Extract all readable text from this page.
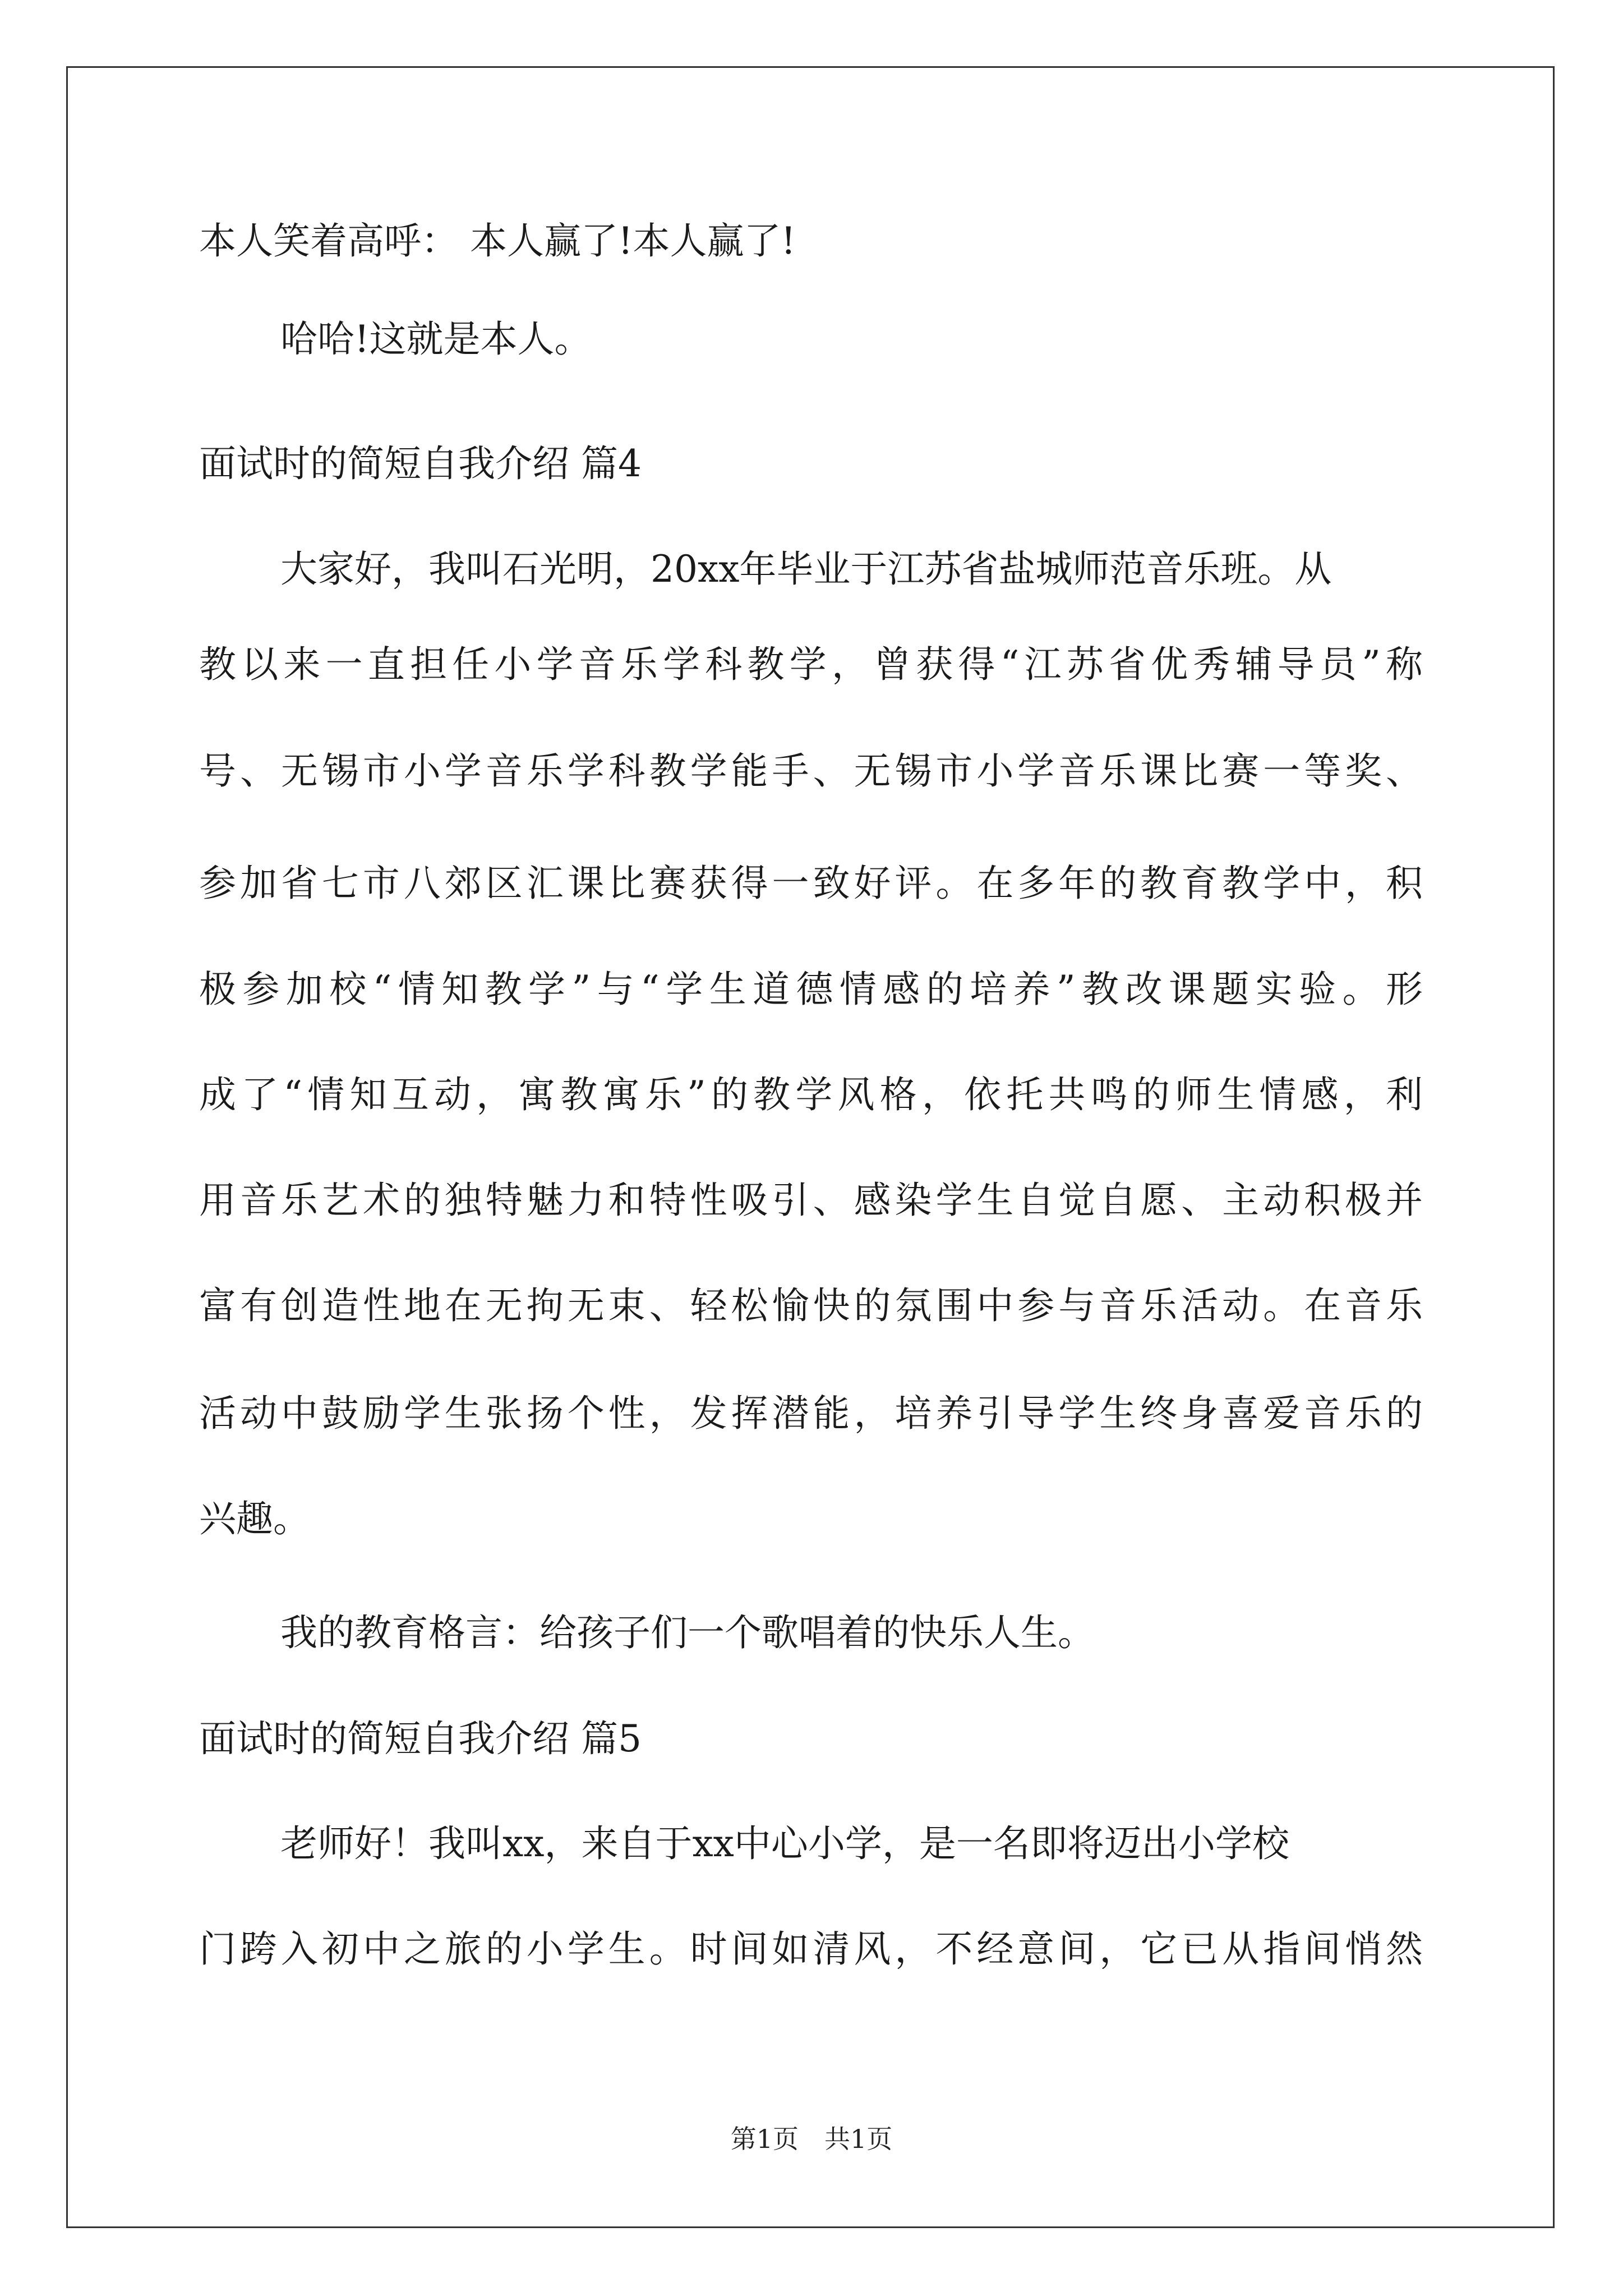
本人笑着高呼： 本人赢了!本人赢了!
哈哈!这就是本人。
面试时的简短自我介绍 篇4
大家好，我叫石光明，20xx年毕业于江苏省盐城师范音乐班。从
教以来一直担任小学音乐学科教学，曾获得“江苏省优秀辅导员”称
号、无锡市小学音乐学科教学能手、无锡市小学音乐课比赛一等奖、
参加省七市八郊区汇课比赛获得一致好评。在多年的教育教学中，积
极参加校“情知教学”与“学生道德情感的培养”教改课题实验。形
成了“情知互动，寓教寓乐”的教学风格，依托共鸣的师生情感，利
用音乐艺术的独特魅力和特性吸引、感染学生自觉自愿、主动积极并
富有创造性地在无拘无束、轻松愉快的氛围中参与音乐活动。在音乐
活动中鼓励学生张扬个性，发挥潜能，培养引导学生终身喜爱音乐的
兴趣。
我的教育格言：给孩子们一个歌唱着的快乐人生。
面试时的简短自我介绍 篇5
老师好！我叫xx，来自于xx中心小学，是一名即将迈出小学校
门跨入初中之旅的小学生。时间如清风，不经意间，它已从指间悄然
第1页　共1页
